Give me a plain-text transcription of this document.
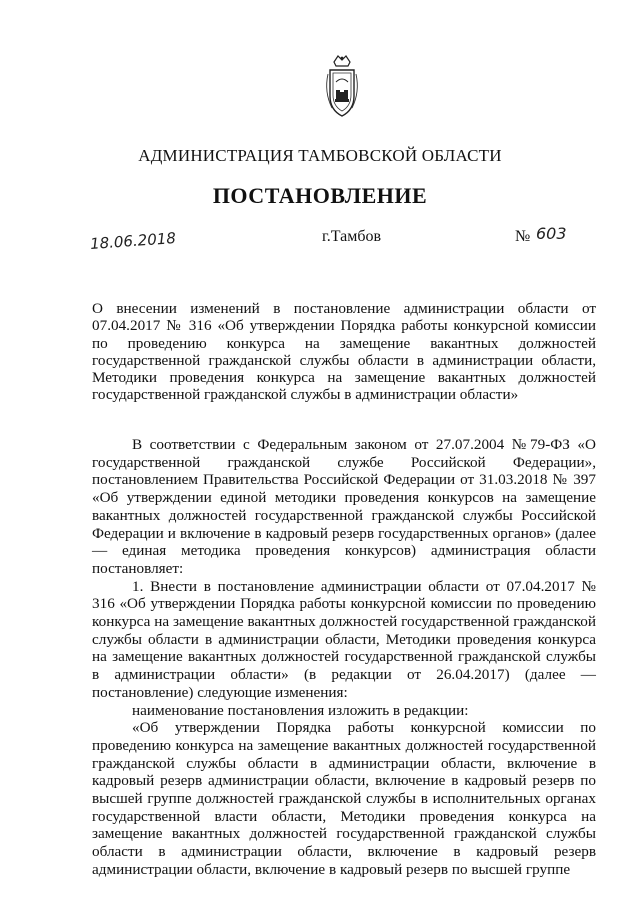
АДМИНИСТРАЦИЯ ТАМБОВСКОЙ ОБЛАСТИ
ПОСТАНОВЛЕНИЕ
18.06.2018	г.Тамбов	№ 603
О внесении изменений в постановление администрации области от 07.04.2017 № 316 «Об утверждении Порядка работы конкурсной комиссии по проведению конкурса на замещение вакантных должностей государственной гражданской службы области в администрации области, Методики проведения конкурса на замещение вакантных должностей государственной гражданской службы в администрации области»

В соответствии с Федеральным законом от 27.07.2004 №79-ФЗ «О государственной гражданской службе Российской Федерации», постановлением Правительства Российской Федерации от 31.03.2018 № 397 «Об утверждении единой методики проведения конкурсов на замещение вакантных должностей государственной гражданской службы Российской Федерации и включение в кадровый резерв государственных органов» (далее — единая методика проведения конкурсов) администрация области постановляет:

1. Внести в постановление администрации области от 07.04.2017 № 316 «Об утверждении Порядка работы конкурсной комиссии по проведению конкурса на замещение вакантных должностей государственной гражданской службы области в администрации области, Методики проведения конкурса на замещение вакантных должностей государственной гражданской службы в администрации области» (в редакции от 26.04.2017) (далее — постановление) следующие изменения:

наименование постановления изложить в редакции:

«Об утверждении Порядка работы конкурсной комиссии по проведению конкурса на замещение вакантных должностей государственной гражданской службы области в администрации области, включение в кадровый резерв администрации области, включение в кадровый резерв по высшей группе должностей гражданской службы в исполнительных органах государственной власти области, Методики проведения конкурса на замещение вакантных должностей государственной гражданской службы области в администрации области, включение в кадровый резерв администрации области, включение в кадровый резерв по высшей группе
